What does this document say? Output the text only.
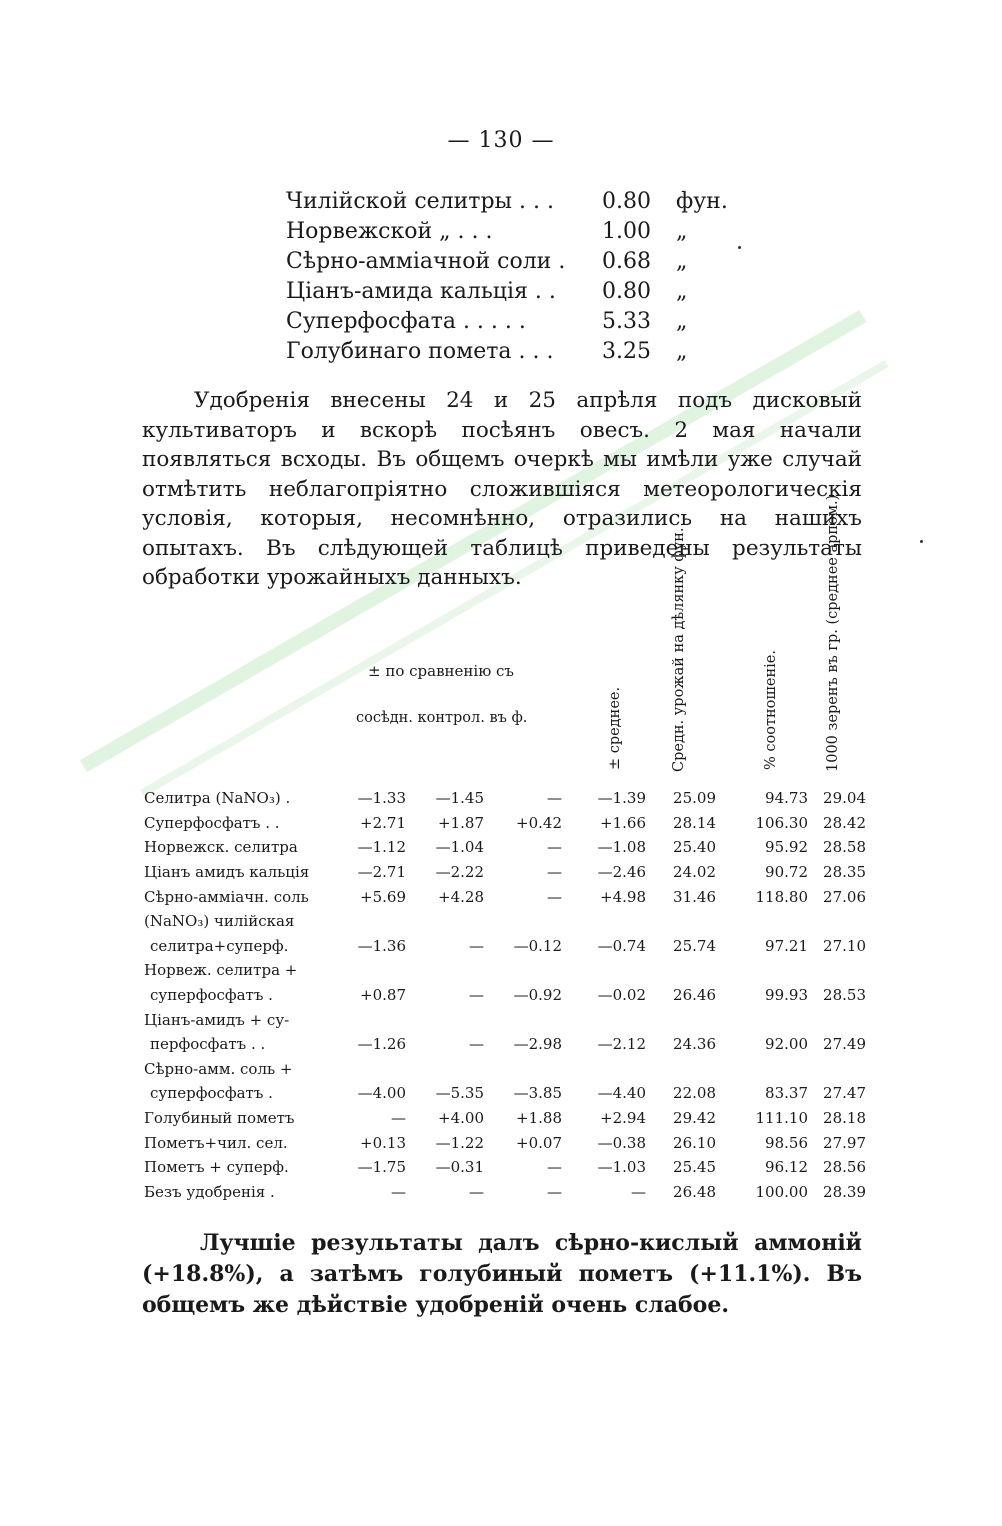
— 130 —
Чилійской селитры . . .	0.80	фун.
Норвежской „ . . .	1.00	„
Сѣрно-амміачной соли .	0.68	„
Ціанъ-амида кальція . .	0.80	„
Суперфосфата . . . . .	5.33	„
Голубинаго помета . . .	3.25	„
Удобренія внесены 24 и 25 апрѣля подъ дисковый культиваторъ и вскорѣ посѣянъ овесъ. 2 мая начали появляться всходы. Въ общемъ очеркѣ мы имѣли уже случай отмѣтить неблагопріятно сложившіяся метеорологическія условія, которыя, несомнѣнно, отразились на нашихъ опытахъ. Въ слѣдующей таблицѣ приведены результаты обработки урожайныхъ данныхъ.
± по сравненію съ
сосѣдн. контрол. въ ф.	± среднее.	Средн. урожай на дѣлянку фун.	% соотношеніе.	1000 зеренъ въ гр. (среднее арпом.)
Селитра (NaNO₃) .	—1.33	—1.45	—	—1.39	25.09	94.73	29.04
Суперфосфатъ . .	+2.71	+1.87	+0.42	+1.66	28.14	106.30	28.42
Норвежск. селитра	—1.12	—1.04	—	—1.08	25.40	95.92	28.58
Ціанъ амидъ кальція	—2.71	—2.22	—	—2.46	24.02	90.72	28.35
Сѣрно-амміачн. соль	+5.69	+4.28	—	+4.98	31.46	118.80	27.06
(NaNO₃) чилійская
селитра+суперф.	—1.36	—	—0.12	—0.74	25.74	97.21	27.10
Норвеж. селитра +
суперфосфатъ .	+0.87	—	—0.92	—0.02	26.46	99.93	28.53
Ціанъ-амидъ + су-
перфосфатъ . .	—1.26	—	—2.98	—2.12	24.36	92.00	27.49
Сѣрно-амм. соль +
суперфосфатъ .	—4.00	—5.35	—3.85	—4.40	22.08	83.37	27.47
Голубиный пометъ	—	+4.00	+1.88	+2.94	29.42	111.10	28.18
Пометъ+чил. сел.	+0.13	—1.22	+0.07	—0.38	26.10	98.56	27.97
Пометъ + суперф.	—1.75	—0.31	—	—1.03	25.45	96.12	28.56
Безъ удобренія .	—	—	—	—	26.48	100.00	28.39
Лучшіе результаты далъ сѣрно-кислый аммоній (+18.8%), а затѣмъ голубиный пометъ (+11.1%). Въ общемъ же дѣйствіе удобреній очень слабое.
